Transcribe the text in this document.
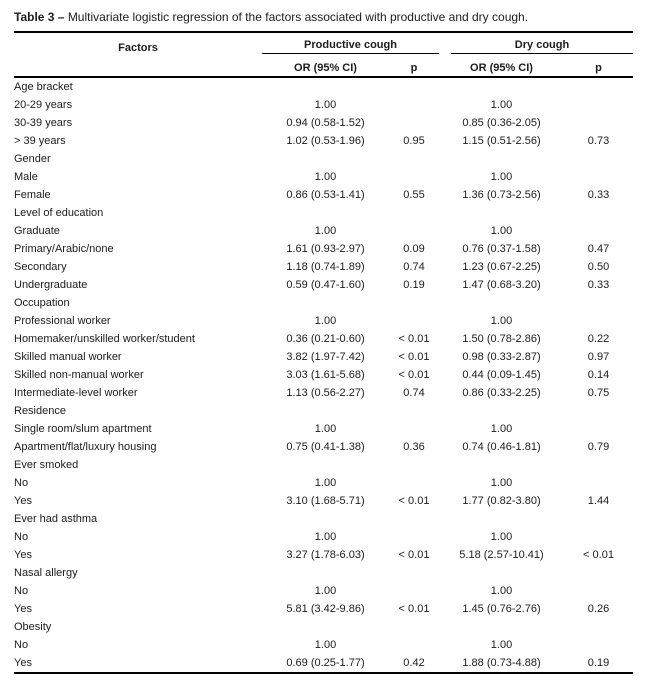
Table 3 – Multivariate logistic regression of the factors associated with productive and dry cough.
Factors	Productive cough		Dry cough	

	OR (95% CI)	p	OR (95% CI)	p
Age bracket				
20-29 years	1.00		1.00	
30-39 years	0.94 (0.58-1.52)		0.85 (0.36-2.05)	
> 39 years	1.02 (0.53-1.96)	0.95	1.15 (0.51-2.56)	0.73
Gender				
Male	1.00		1.00	
Female	0.86 (0.53-1.41)	0.55	1.36 (0.73-2.56)	0.33
Level of education				
Graduate	1.00		1.00	
Primary/Arabic/none	1.61 (0.93-2.97)	0.09	0.76 (0.37-1.58)	0.47
Secondary	1.18 (0.74-1.89)	0.74	1.23 (0.67-2.25)	0.50
Undergraduate	0.59 (0.47-1.60)	0.19	1.47 (0.68-3.20)	0.33
Occupation				
Professional worker	1.00		1.00	
Homemaker/unskilled worker/student	0.36 (0.21-0.60)	< 0.01	1.50 (0.78-2.86)	0.22
Skilled manual worker	3.82 (1.97-7.42)	< 0.01	0.98 (0.33-2.87)	0.97
Skilled non-manual worker	3.03 (1.61-5.68)	< 0.01	0.44 (0.09-1.45)	0.14
Intermediate-level worker	1.13 (0.56-2.27)	0.74	0.86 (0.33-2.25)	0.75
Residence				
Single room/slum apartment	1.00		1.00	
Apartment/flat/luxury housing	0.75 (0.41-1.38)	0.36	0.74 (0.46-1.81)	0.79
Ever smoked				
No	1.00		1.00	
Yes	3.10 (1.68-5.71)	< 0.01	1.77 (0.82-3.80)	1.44
Ever had asthma				
No	1.00		1.00	
Yes	3.27 (1.78-6.03)	< 0.01	5.18 (2.57-10.41)	< 0.01
Nasal allergy				
No	1.00		1.00	
Yes	5.81 (3.42-9.86)	< 0.01	1.45 (0.76-2.76)	0.26
Obesity				
No	1.00		1.00	
Yes	0.69 (0.25-1.77)	0.42	1.88 (0.73-4.88)	0.19
